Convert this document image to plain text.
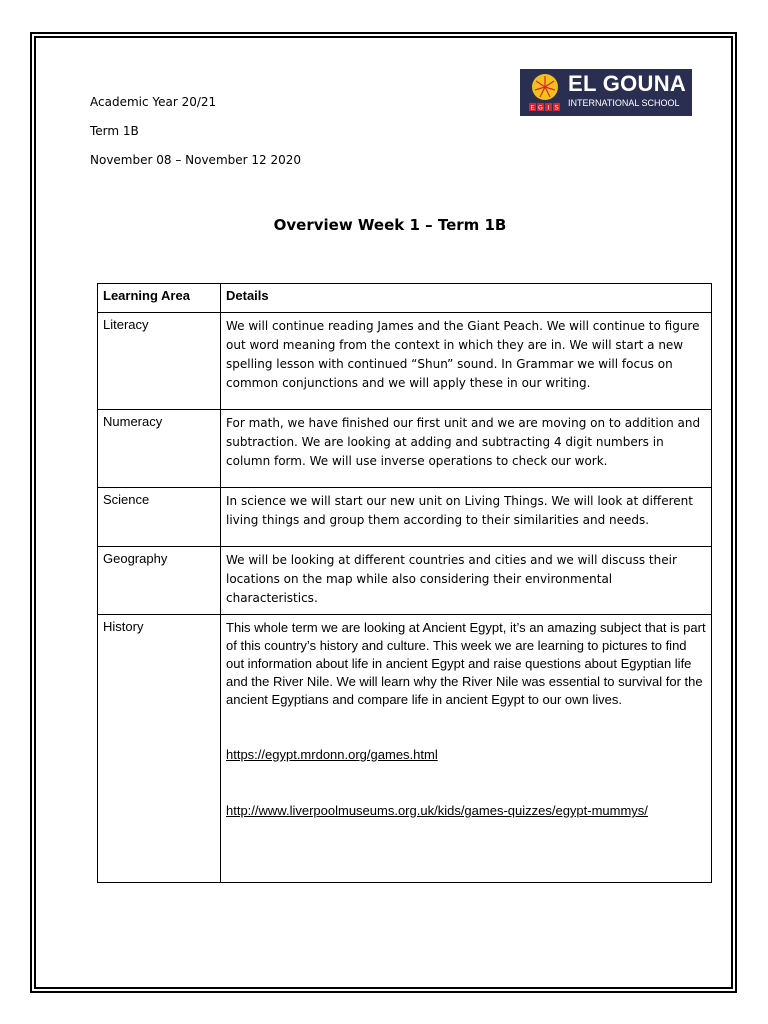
Academic Year 20/21
Term 1B
November 08 – November 12 2020
E G I S
EL GOUNA
INTERNATIONAL SCHOOL
Overview Week 1 – Term 1B
Learning Area	Details
Literacy	We will continue reading James and the Giant Peach. We will continue to figure out word meaning from the context in which they are in. We will start a new spelling lesson with continued “Shun” sound. In Grammar we will focus on common conjunctions and we will apply these in our writing.
Numeracy	For math, we have finished our first unit and we are moving on to addition and subtraction. We are looking at adding and subtracting 4 digit numbers in column form. We will use inverse operations to check our work.
Science	In science we will start our new unit on Living Things. We will look at different living things and group them according to their similarities and needs.
Geography	We will be looking at different countries and cities and we will discuss their locations on the map while also considering their environmental characteristics.
History	This whole term we are looking at Ancient Egypt, it’s an amazing subject that is part of this country’s history and culture. This week we are learning to pictures to find out information about life in ancient Egypt and raise questions about Egyptian life and the River Nile. We will learn why the River Nile was essential to survival for the ancient Egyptians and compare life in ancient Egypt to our own lives.
https://egypt.mrdonn.org/games.html
http://www.liverpoolmuseums.org.uk/kids/games-quizzes/egypt-mummys/
